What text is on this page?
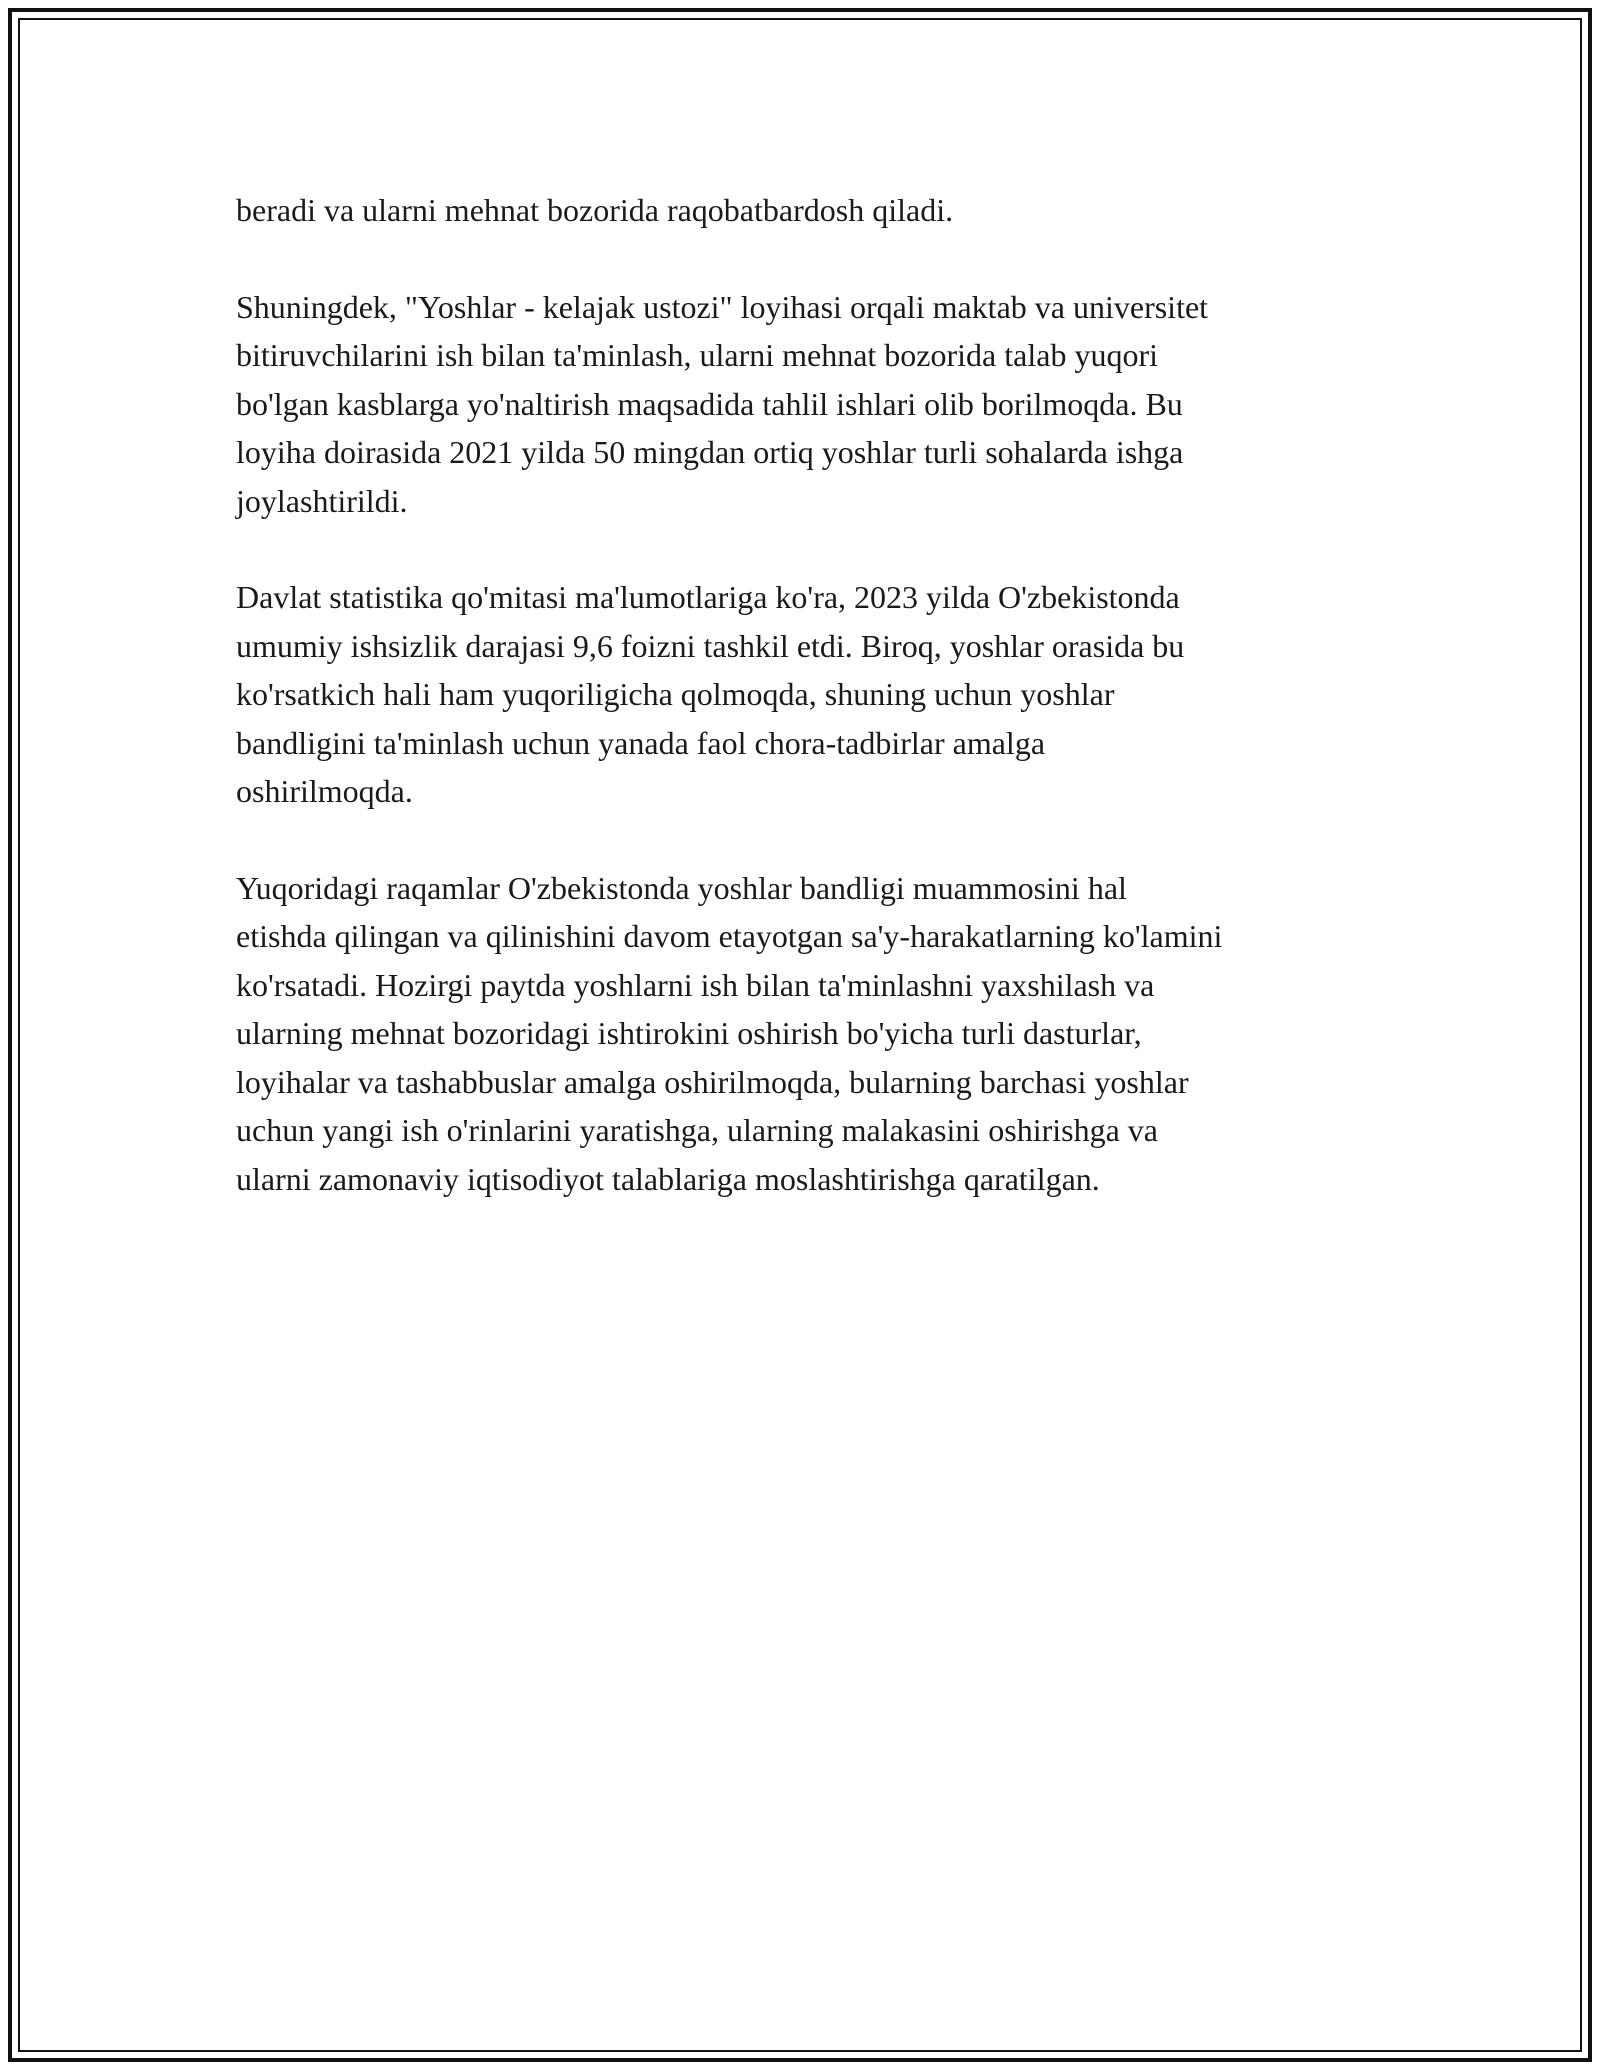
beradi va ularni mehnat bozorida raqobatbardosh qiladi.

Shuningdek, "Yoshlar - kelajak ustozi" loyihasi orqali maktab va universitet
bitiruvchilarini ish bilan ta'minlash, ularni mehnat bozorida talab yuqori
bo'lgan kasblarga yo'naltirish maqsadida tahlil ishlari olib borilmoqda. Bu
loyiha doirasida 2021 yilda 50 mingdan ortiq yoshlar turli sohalarda ishga
joylashtirildi.

Davlat statistika qo'mitasi ma'lumotlariga ko'ra, 2023 yilda O'zbekistonda
umumiy ishsizlik darajasi 9,6 foizni tashkil etdi. Biroq, yoshlar orasida bu
ko'rsatkich hali ham yuqoriligicha qolmoqda, shuning uchun yoshlar
bandligini ta'minlash uchun yanada faol chora-tadbirlar amalga
oshirilmoqda.

Yuqoridagi raqamlar O'zbekistonda yoshlar bandligi muammosini hal
etishda qilingan va qilinishini davom etayotgan sa'y-harakatlarning ko'lamini
ko'rsatadi. Hozirgi paytda yoshlarni ish bilan ta'minlashni yaxshilash va
ularning mehnat bozoridagi ishtirokini oshirish bo'yicha turli dasturlar,
loyihalar va tashabbuslar amalga oshirilmoqda, bularning barchasi yoshlar
uchun yangi ish o'rinlarini yaratishga, ularning malakasini oshirishga va
ularni zamonaviy iqtisodiyot talablariga moslashtirishga qaratilgan.
